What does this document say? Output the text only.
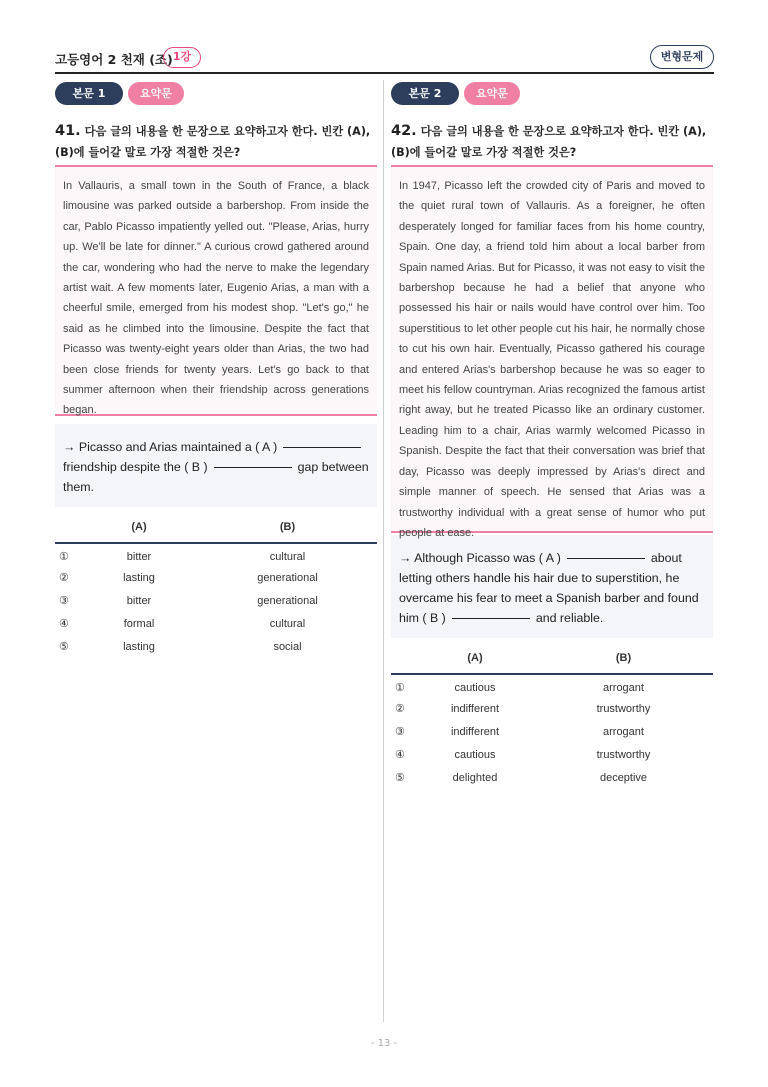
고등영어 2 천재 (조) 1강	변형문제
본문 1	요약문
41. 다음 글의 내용을 한 문장으로 요약하고자 한다. 빈칸 (A), (B)에 들어갈 말로 가장 적절한 것은?
In Vallauris, a small town in the South of France, a black limousine was parked outside a barbershop. From inside the car, Pablo Picasso impatiently yelled out. "Please, Arias, hurry up. We'll be late for dinner." A curious crowd gathered around the car, wondering who had the nerve to make the legendary artist wait. A few moments later, Eugenio Arias, a man with a cheerful smile, emerged from his modest shop. "Let's go," he said as he climbed into the limousine. Despite the fact that Picasso was twenty-eight years older than Arias, the two had been close friends for twenty years. Let's go back to that summer afternoon when their friendship across generations began.
→ Picasso and Arias maintained a ( A )
friendship despite the ( B )	gap between them.
	(A)	(B)
①	bitter	cultural
②	lasting	generational
③	bitter	generational
④	formal	cultural
⑤	lasting	social
본문 2	요약문
42. 다음 글의 내용을 한 문장으로 요약하고자 한다. 빈칸 (A), (B)에 들어갈 말로 가장 적절한 것은?
In 1947, Picasso left the crowded city of Paris and moved to the quiet rural town of Vallauris. As a foreigner, he often desperately longed for familiar faces from his home country, Spain. One day, a friend told him about a local barber from Spain named Arias. But for Picasso, it was not easy to visit the barbershop because he had a belief that anyone who possessed his hair or nails would have control over him. Too superstitious to let other people cut his hair, he normally chose to cut his own hair. Eventually, Picasso gathered his courage and entered Arias's barbershop because he was so eager to meet his fellow countryman. Arias recognized the famous artist right away, but he treated Picasso like an ordinary customer. Leading him to a chair, Arias warmly welcomed Picasso in Spanish. Despite the fact that their conversation was brief that day, Picasso was deeply impressed by Arias's direct and simple manner of speech. He sensed that Arias was a trustworthy individual with a great sense of humor who put people at ease.
→ Although Picasso was ( A )	about letting others handle his hair due to superstition, he overcame his fear to meet a Spanish barber and found him ( B )	and reliable.
	(A)	(B)
①	cautious	arrogant
②	indifferent	trustworthy
③	indifferent	arrogant
④	cautious	trustworthy
⑤	delighted	deceptive
- 13 -
